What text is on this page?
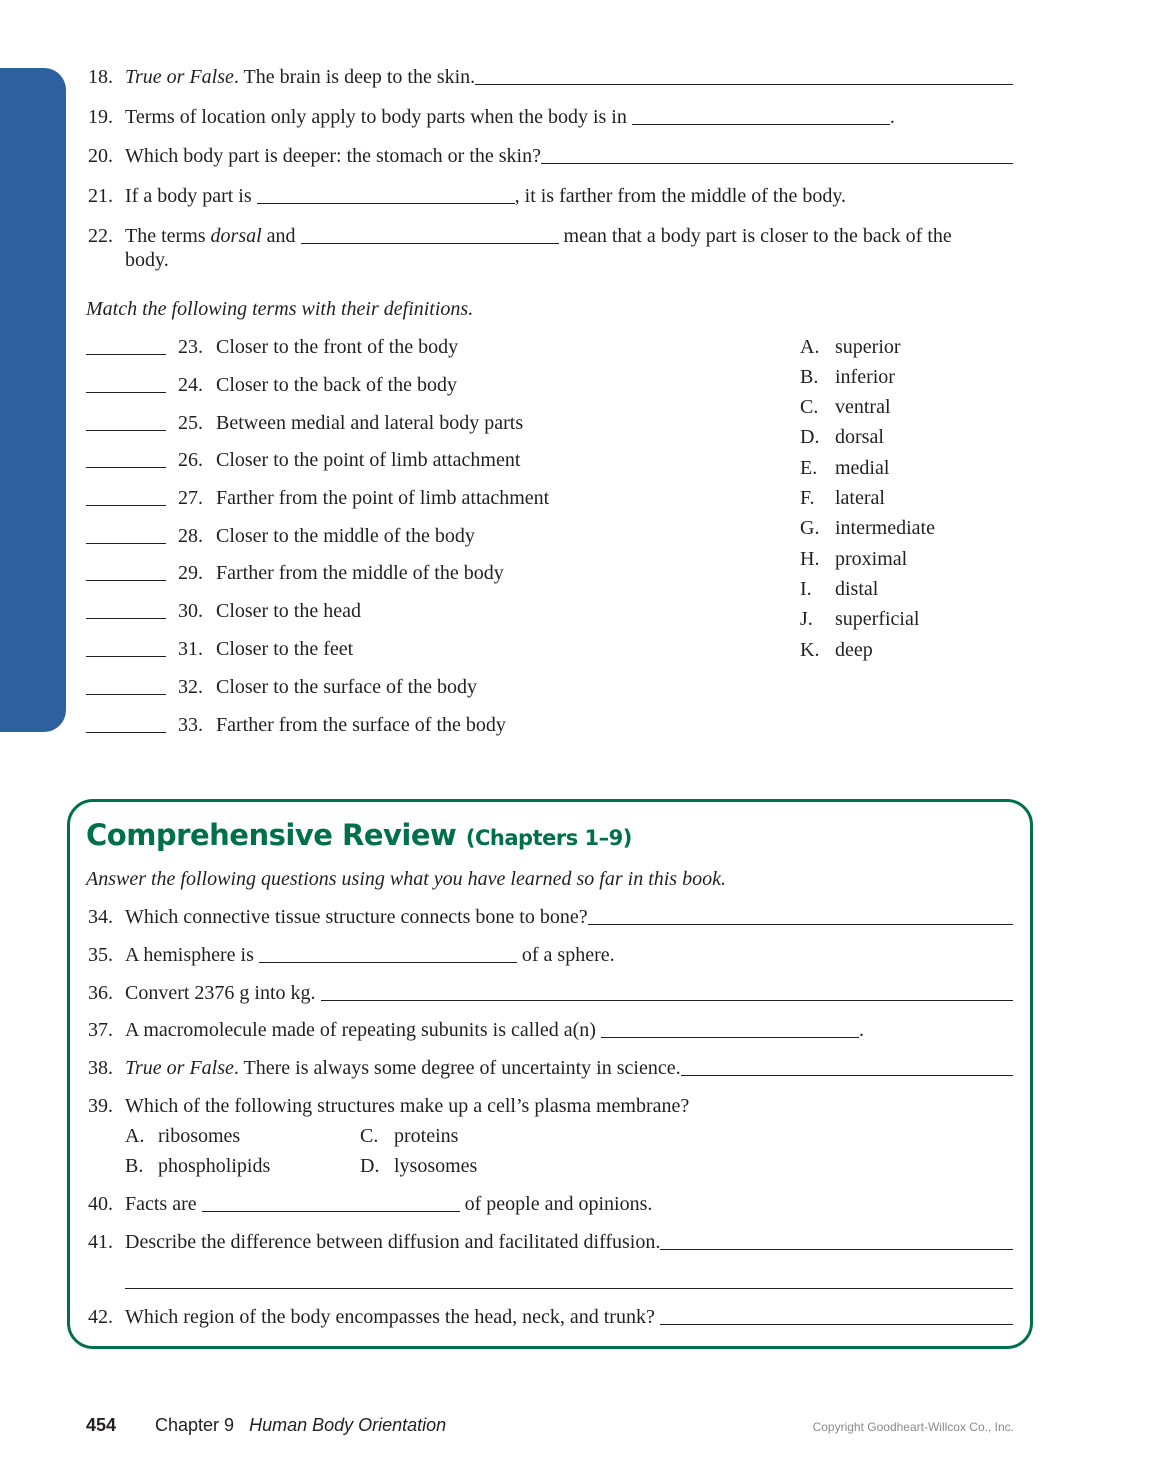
18. True or False . The brain is deep to the skin.
19. Terms of location only apply to body parts when the body is in
	.
20. Which body part is deeper: the stomach or the skin?
21. If a body part is
	, it is farther from the middle of the body.
22. The terms
dorsal
and

	mean that a body part is closer to the back of the
body.
Match the following terms with their definitions.
23. Closer to the front of the body
24. Closer to the back of the body
25. Between medial and lateral body parts
26. Closer to the point of limb attachment
27. Farther from the point of limb attachment
28. Closer to the middle of the body
29. Farther from the middle of the body
30. Closer to the head
31. Closer to the feet
32. Closer to the surface of the body
33. Farther from the surface of the body
A. superior
B. inferior
C. ventral
D. dorsal
E. medial
F.	lateral
G. intermediate
H. proximal
I.	distal
J.	superficial
K. deep
Comprehensive Review (Chapters 1–9)
Answer the following questions using what you have learned so far in this book.
34. Which connective tissue structure connects bone to bone?
35. A hemisphere is

	of a sphere.
36. Convert 2376 g into kg.

37. A macromolecule made of repeating subunits is called a(n)
	.
38. True or False . There is always some degree of uncertainty in science.
39. Which of the following structures make up a cell’s plasma membrane?
A. ribosomes
B. phospholipids
C. proteins
D. lysosomes
40. Facts are

	of people and opinions.
41. Describe the difference between diffusion and facilitated diffusion.
42. Which region of the body encompasses the head, neck, and trunk?

454 Chapter 9 Human Body Orientation	Copyright Goodheart-Willcox Co., Inc.
